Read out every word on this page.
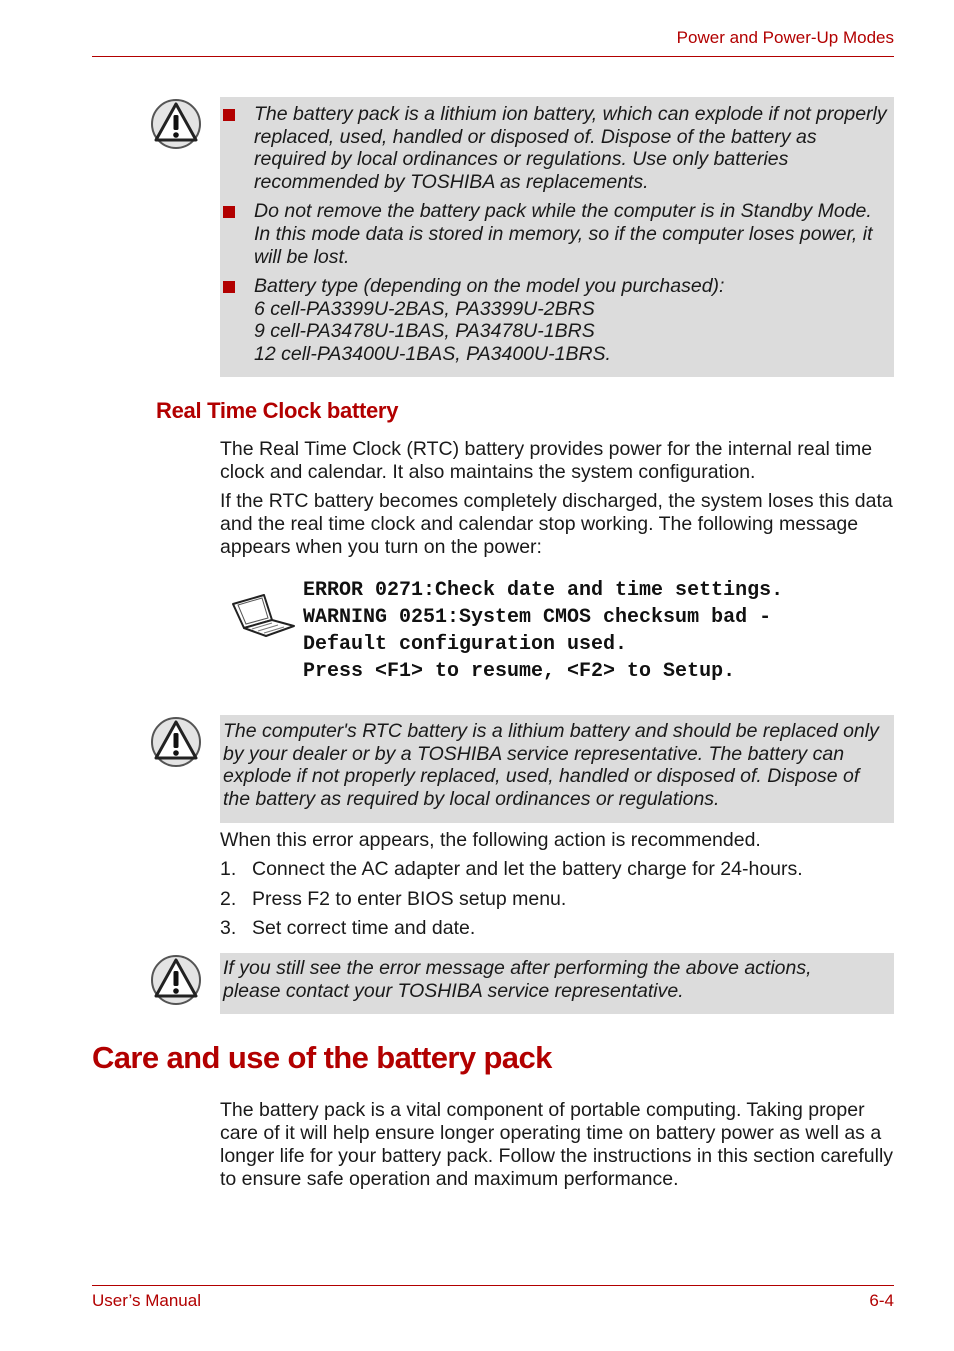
Power and Power-Up Modes
The battery pack is a lithium ion battery, which can explode if not properly replaced, used, handled or disposed of. Dispose of the battery as required by local ordinances or regulations. Use only batteries recommended by TOSHIBA as replacements.
Do not remove the battery pack while the computer is in Standby Mode. In this mode data is stored in memory, so if the computer loses power, it will be lost.
Battery type (depending on the model you purchased):
6 cell-PA3399U-2BAS, PA3399U-2BRS
9 cell-PA3478U-1BAS, PA3478U-1BRS
12 cell-PA3400U-1BAS, PA3400U-1BRS.
Real Time Clock battery
The Real Time Clock (RTC) battery provides power for the internal real time clock and calendar. It also maintains the system configuration.
If the RTC battery becomes completely discharged, the system loses this data and the real time clock and calendar stop working. The following message appears when you turn on the power:
ERROR 0271:Check date and time settings.
WARNING 0251:System CMOS checksum bad -
Default configuration used.
Press <F1> to resume, <F2> to Setup.
The computer's RTC battery is a lithium battery and should be replaced only by your dealer or by a TOSHIBA service representative. The battery can explode if not properly replaced, used, handled or disposed of. Dispose of the battery as required by local ordinances or regulations.
When this error appears, the following action is recommended.
1. Connect the AC adapter and let the battery charge for 24-hours.
2. Press F2 to enter BIOS setup menu.
3. Set correct time and date.
If you still see the error message after performing the above actions, please contact your TOSHIBA service representative.
Care and use of the battery pack
The battery pack is a vital component of portable computing. Taking proper care of it will help ensure longer operating time on battery power as well as a longer life for your battery pack. Follow the instructions in this section carefully to ensure safe operation and maximum performance.
User’s Manual	6-4
